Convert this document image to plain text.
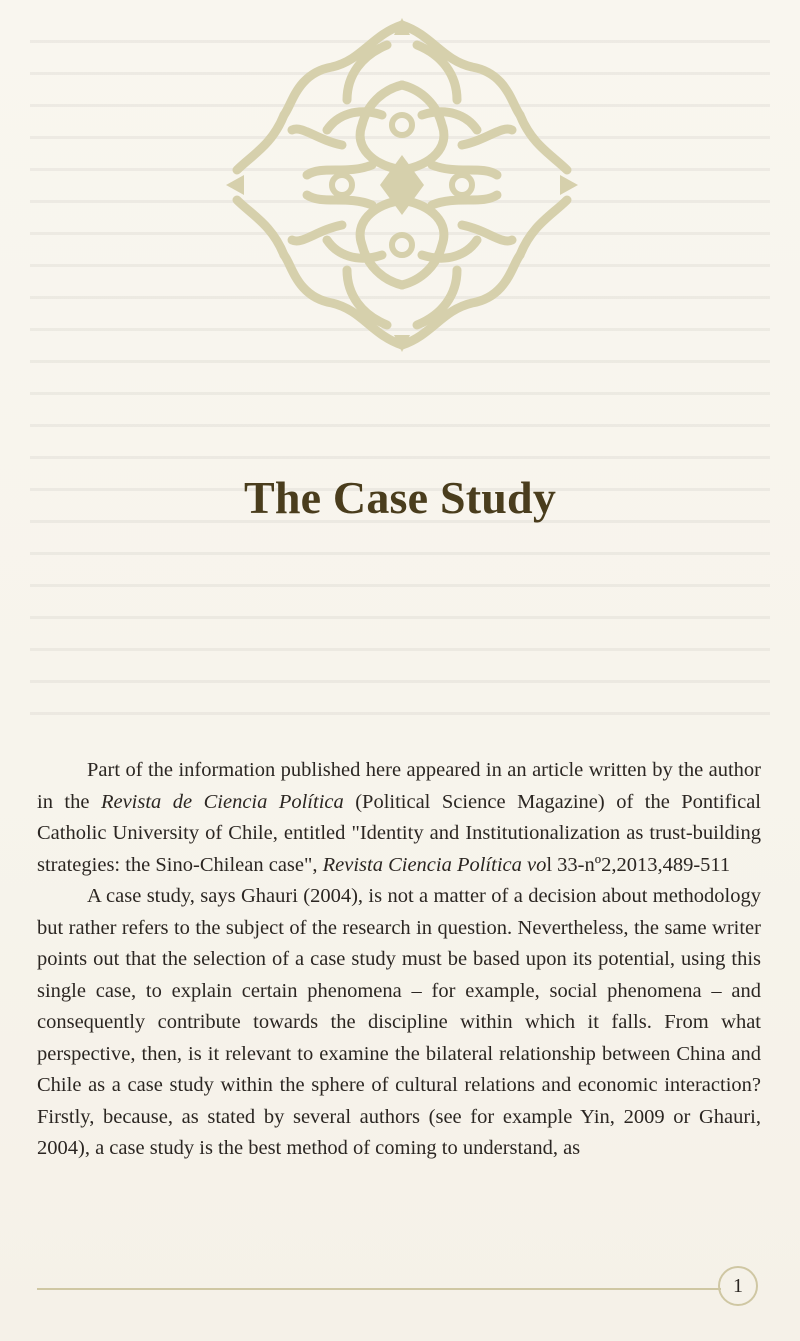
The Case Study

Part of the information published here appeared in an article written by the author in the Revista de Ciencia Política (Political Science Magazine) of the Pontifical Catholic University of Chile, entitled "Identity and Institutionalization as trust-building strategies: the Sino-Chilean case", Revista Ciencia Política vol 33-nº2,2013,489-511

A case study, says Ghauri (2004), is not a matter of a decision about methodology but rather refers to the subject of the research in question. Nevertheless, the same writer points out that the selection of a case study must be based upon its potential, using this single case, to explain certain phenomena – for example, social phenomena – and consequently contribute towards the discipline within which it falls. From what perspective, then, is it relevant to examine the bilateral relationship between China and Chile as a case study within the sphere of cultural relations and economic interaction? Firstly, because, as stated by several authors (see for example Yin, 2009 or Ghauri, 2004), a case study is the best method of coming to understand, as

1
